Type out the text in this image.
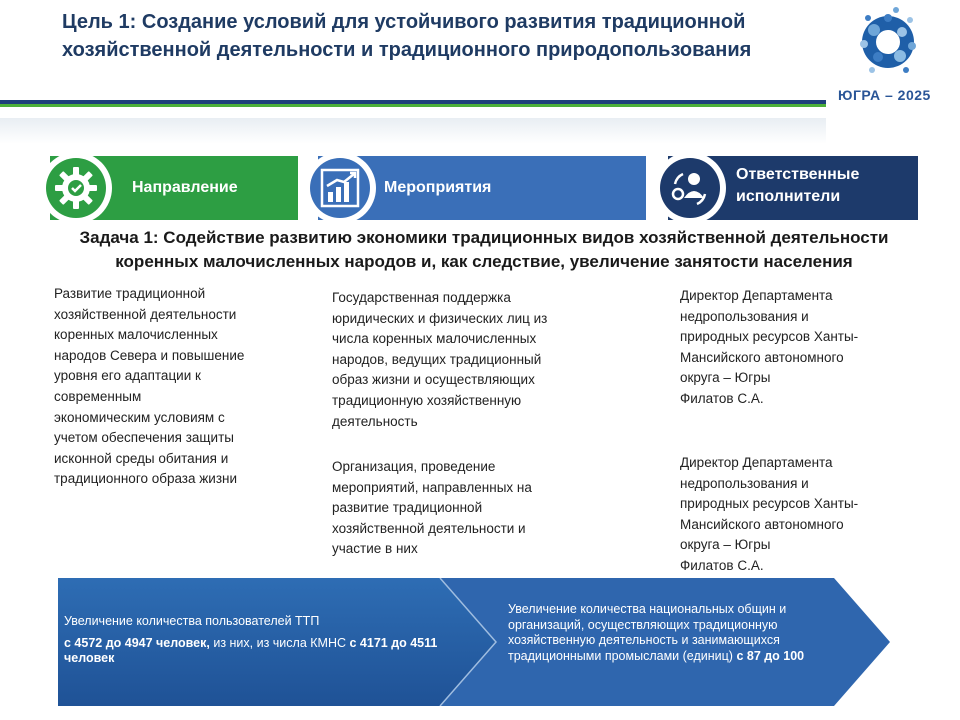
Цель 1: Создание условий для устойчивого развития традиционной
хозяйственной деятельности и традиционного природопользования
ЮГРА – 2025
Направление	Мероприятия
Ответственные
исполнители
Задача 1: Содействие развитию экономики традиционных видов хозяйственной деятельности коренных малочисленных народов и, как следствие, увеличение занятости населения
Развитие традиционной
хозяйственной деятельности
коренных малочисленных
народов Севера и повышение
уровня его адаптации к
современным
экономическим условиям с
учетом обеспечения защиты
исконной среды обитания и
традиционного образа жизни
Государственная поддержка
юридических и физических лиц из
числа коренных малочисленных
народов, ведущих традиционный
образ жизни и осуществляющих
традиционную хозяйственную
деятельность
Организация, проведение
мероприятий, направленных на
развитие традиционной
хозяйственной деятельности и
участие в них
Директор Департамента
недропользования и
природных ресурсов Ханты-
Мансийского автономного
округа – Югры
Филатов С.А.
Директор Департамента
недропользования и
природных ресурсов Ханты-
Мансийского автономного
округа – Югры
Филатов С.А.
Увеличение количества пользователей ТТП
с 4572 до 4947 человек, из них, из числа КМНС с 4171 до 4511 человек
Увеличение количества национальных общин и организаций, осуществляющих традиционную хозяйственную деятельность и занимающихся традиционными промыслами (единиц) с 87 до 100
